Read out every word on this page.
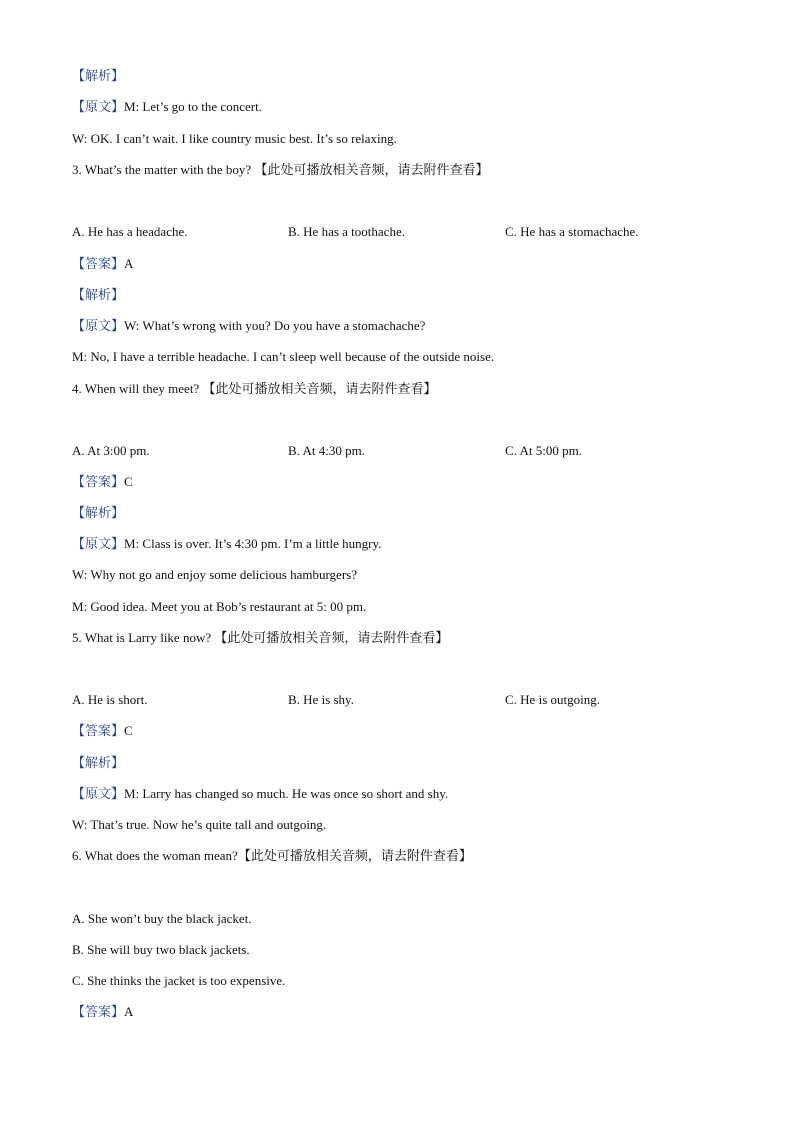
【解析】
【原文】M: Let’s go to the concert.
W: OK. I can’t wait. I like country music best. It’s so relaxing.
3. What’s the matter with the boy? 【此处可播放相关音频，请去附件查看】
A. He has a headache.	B. He has a toothache.	C. He has a stomachache.
【答案】A
【解析】
【原文】W: What’s wrong with you? Do you have a stomachache?
M: No, I have a terrible headache. I can’t sleep well because of the outside noise.
4. When will they meet? 【此处可播放相关音频，请去附件查看】
A. At 3:00 pm.	B. At 4:30 pm.	C. At 5:00 pm.
【答案】C
【解析】
【原文】M: Class is over. It’s 4:30 pm. I’m a little hungry.
W: Why not go and enjoy some delicious hamburgers?
M: Good idea. Meet you at Bob’s restaurant at 5: 00 pm.
5. What is Larry like now? 【此处可播放相关音频，请去附件查看】
A. He is short.	B. He is shy.	C. He is outgoing.
【答案】C
【解析】
【原文】M: Larry has changed so much. He was once so short and shy.
W: That’s true. Now he’s quite tall and outgoing.
6. What does the woman mean?【此处可播放相关音频，请去附件查看】
A. She won’t buy the black jacket.
B. She will buy two black jackets.
C. She thinks the jacket is too expensive.
【答案】A
